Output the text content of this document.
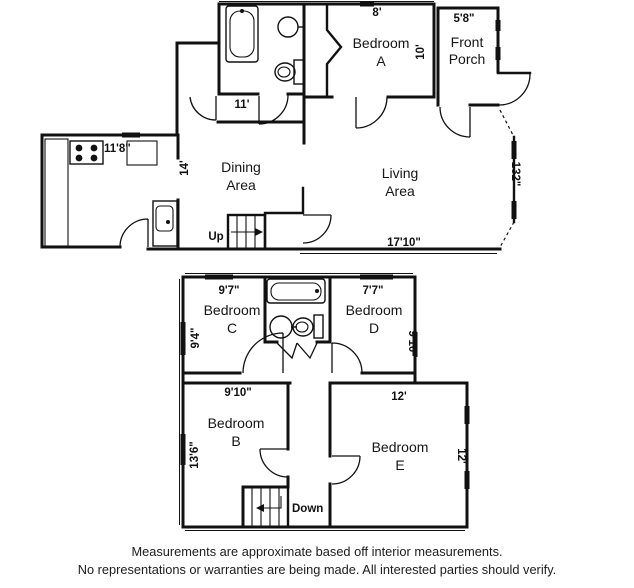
Bedroom
A
8'
10'
Front
Porch
5'8"
11'
11'8"
Dining
Area
14'	Living
Area
17'10"
132"
Up
Bedroom
C
9'7"
9'4"
Bedroom
D
7'7"
9'10"
Bedroom
B
9'10"
13'6"	Bedroom
E
12'
12'
Down
Measurements are approximate based off interior measurements.
No representations or warranties are being made. All interested parties should verify.
